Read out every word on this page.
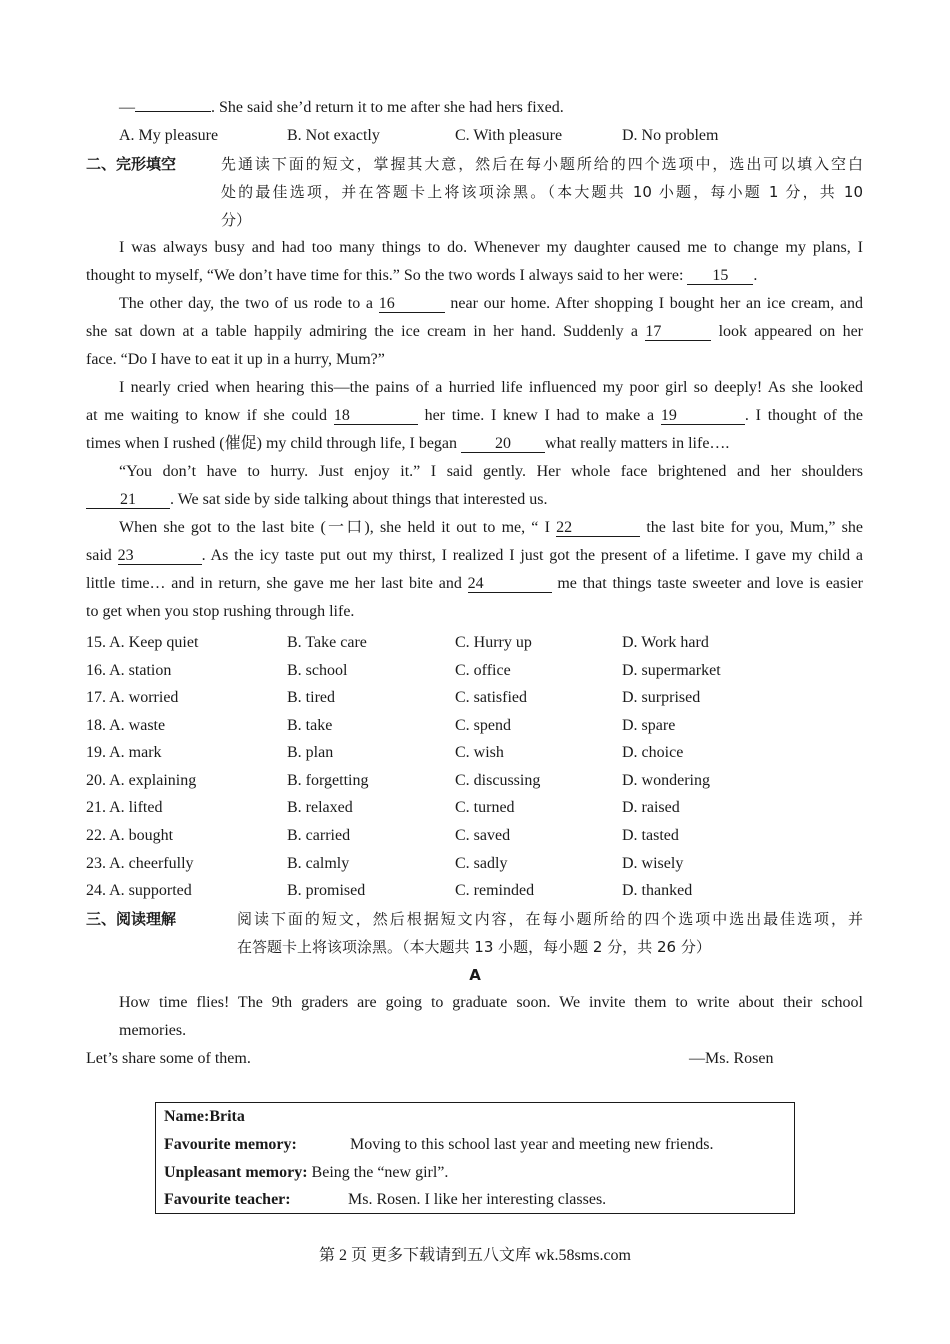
—	. She said she’d return it to me after she had hers fixed.
A. My pleasure	B. Not exactly	C. With pleasure	D. No problem
二、完形填空	先通读下面的短文，掌握其大意，然后在每小题所给的四个选项中，选出可以填入空白
处的最佳选项，并在答题卡上将该项涂黑。（本大题共 10 小题，每小题 1 分，共 10
分）
I was always busy and had too many things to do. Whenever my daughter caused me to change my plans, I
thought to myself, “We don’t have time for this.” So the two words I always said to her were: 15 .
The other day, the two of us rode to a 16	near our home. After shopping I bought her an ice cream, and
she sat down at a table happily admiring the ice cream in her hand. Suddenly a 17	look appeared on her
face. “Do I have to eat it up in a hurry, Mum?”
I nearly cried when hearing this—the pains of a hurried life influenced my poor girl so deeply! As she looked
at me waiting to know if she could 18	her time. I knew I had to make a 19	. I thought of the
times when I rushed (催促) my child through life, I began 20 what really matters in life….
“You don’t have to hurry. Just enjoy it.” I said gently. Her whole face brightened and her shoulders
21 . We sat side by side talking about things that interested us.
When she got to the last bite (一口), she held it out to me, “ I 22	the last bite for you, Mum,” she
said 23	. As the icy taste put out my thirst, I realized I just got the present of a lifetime. I gave my child a
little time… and in return, she gave me her last bite and 24	me that things taste sweeter and love is easier
to get when you stop rushing through life.
15. A. Keep quiet	B. Take care	C. Hurry up	D. Work hard
16. A. station	B. school	C. office	D. supermarket
17. A. worried	B. tired	C. satisfied	D. surprised
18. A. waste	B. take	C. spend	D. spare
19. A. mark	B. plan	C. wish	D. choice
20. A. explaining	B. forgetting	C. discussing	D. wondering
21. A. lifted	B. relaxed	C. turned	D. raised
22. A. bought	B. carried	C. saved	D. tasted
23. A. cheerfully	B. calmly	C. sadly	D. wisely
24. A. supported	B. promised	C. reminded	D. thanked
三、阅读理解	阅读下面的短文，然后根据短文内容，在每小题所给的四个选项中选出最佳选项，并
在答题卡上将该项涂黑。（本大题共 13 小题，每小题 2 分，共 26 分）
A
How time flies! The 9th graders are going to graduate soon. We invite them to write about their school
memories.
Let’s share some of them.	—Ms. Rosen
Name:Brita
Favourite memory:	Moving to this school last year and meeting new friends.
Unpleasant memory: Being the “new girl”.
Favourite teacher:	Ms. Rosen. I like her interesting classes.
第 2 页 更多下载请到五八文库 wk.58sms.com
